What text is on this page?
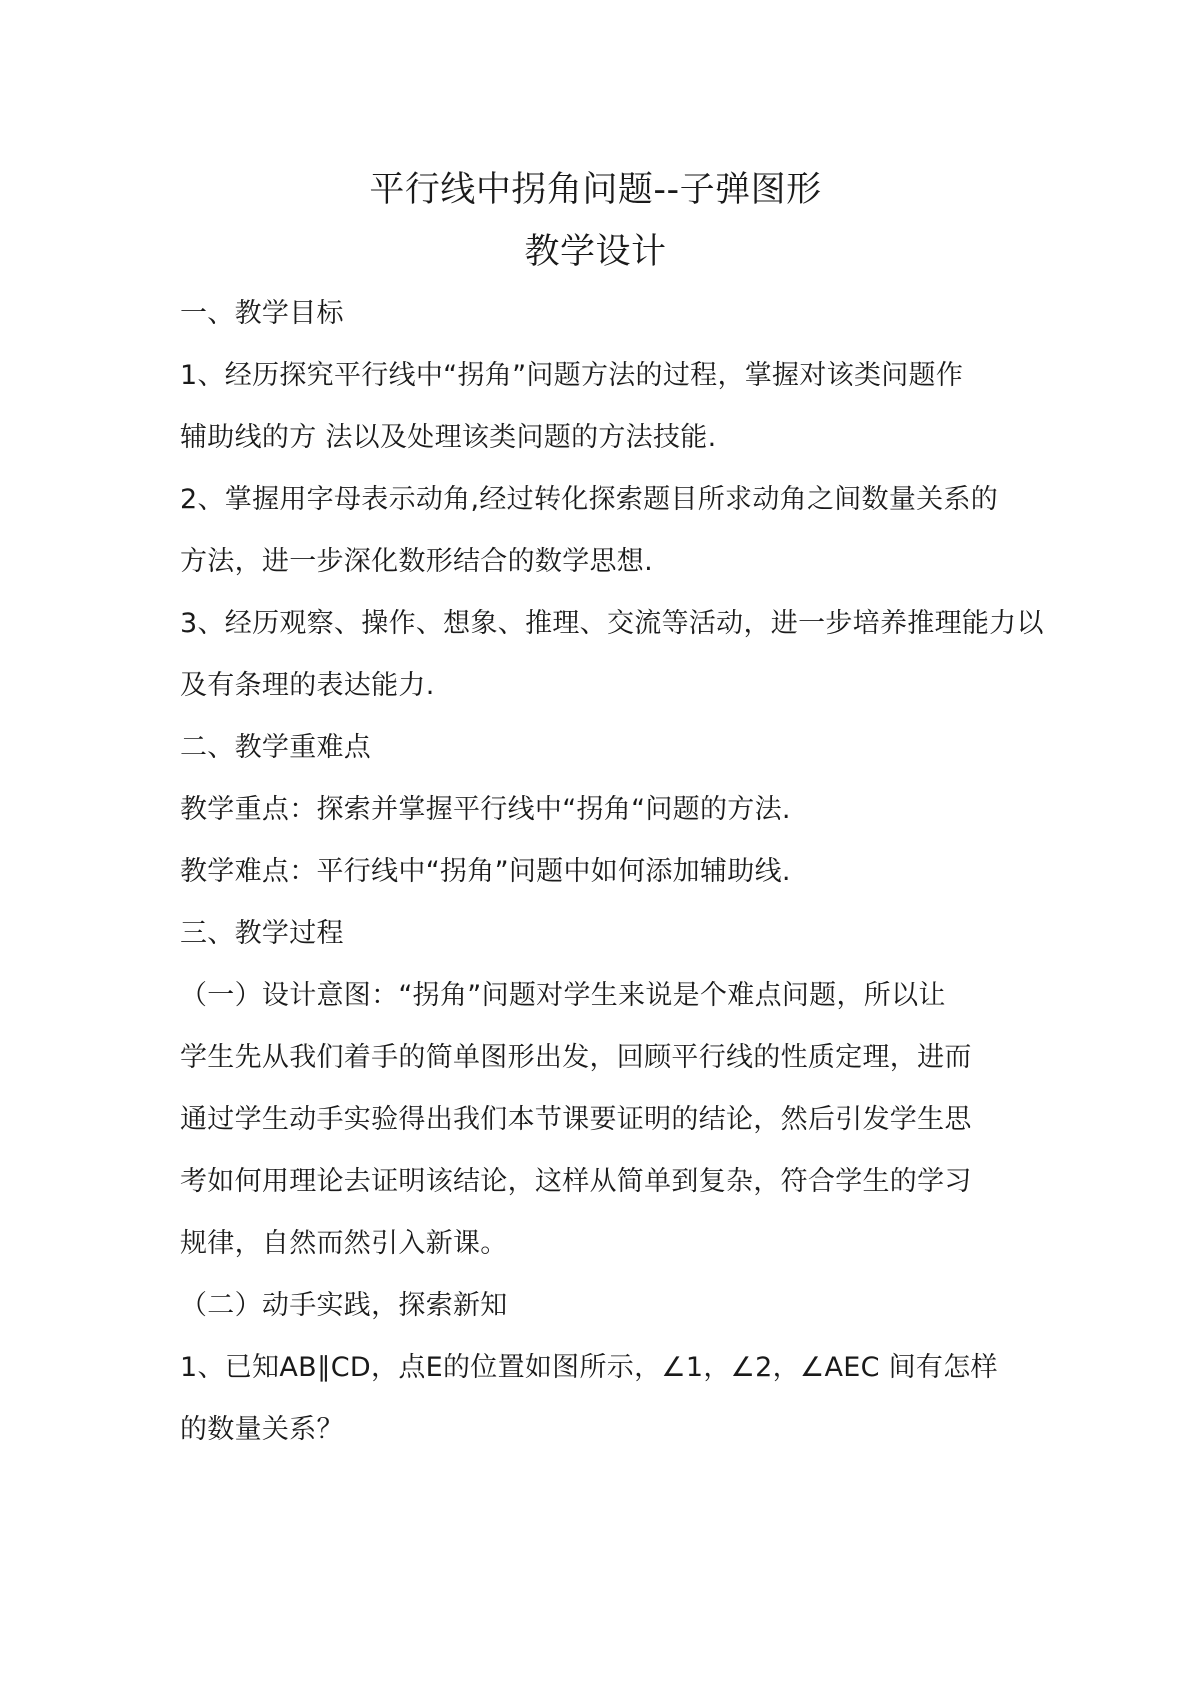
平行线中拐角问题--子弹图形
教学设计
一、教学目标
1、经历探究平行线中“拐角”问题方法的过程，掌握对该类问题作
辅助线的方 法以及处理该类问题的方法技能.
2、掌握用字母表示动角,经过转化探索题目所求动角之间数量关系的
方法，进一步深化数形结合的数学思想.
3、经历观察、操作、想象、推理、交流等活动，进一步培养推理能力以
及有条理的表达能力.
二、教学重难点
教学重点：探索并掌握平行线中“拐角“问题的方法.
教学难点：平行线中“拐角”问题中如何添加辅助线.
三、教学过程
（一）设计意图：“拐角”问题对学生来说是个难点问题，所以让
学生先从我们着手的简单图形出发，回顾平行线的性质定理，进而
通过学生动手实验得出我们本节课要证明的结论，然后引发学生思
考如何用理论去证明该结论，这样从简单到复杂，符合学生的学习
规律，自然而然引入新课。
（二）动手实践，探索新知
1、已知AB∥CD，点E的位置如图所示，∠1，∠2，∠AEC 间有怎样
的数量关系？
